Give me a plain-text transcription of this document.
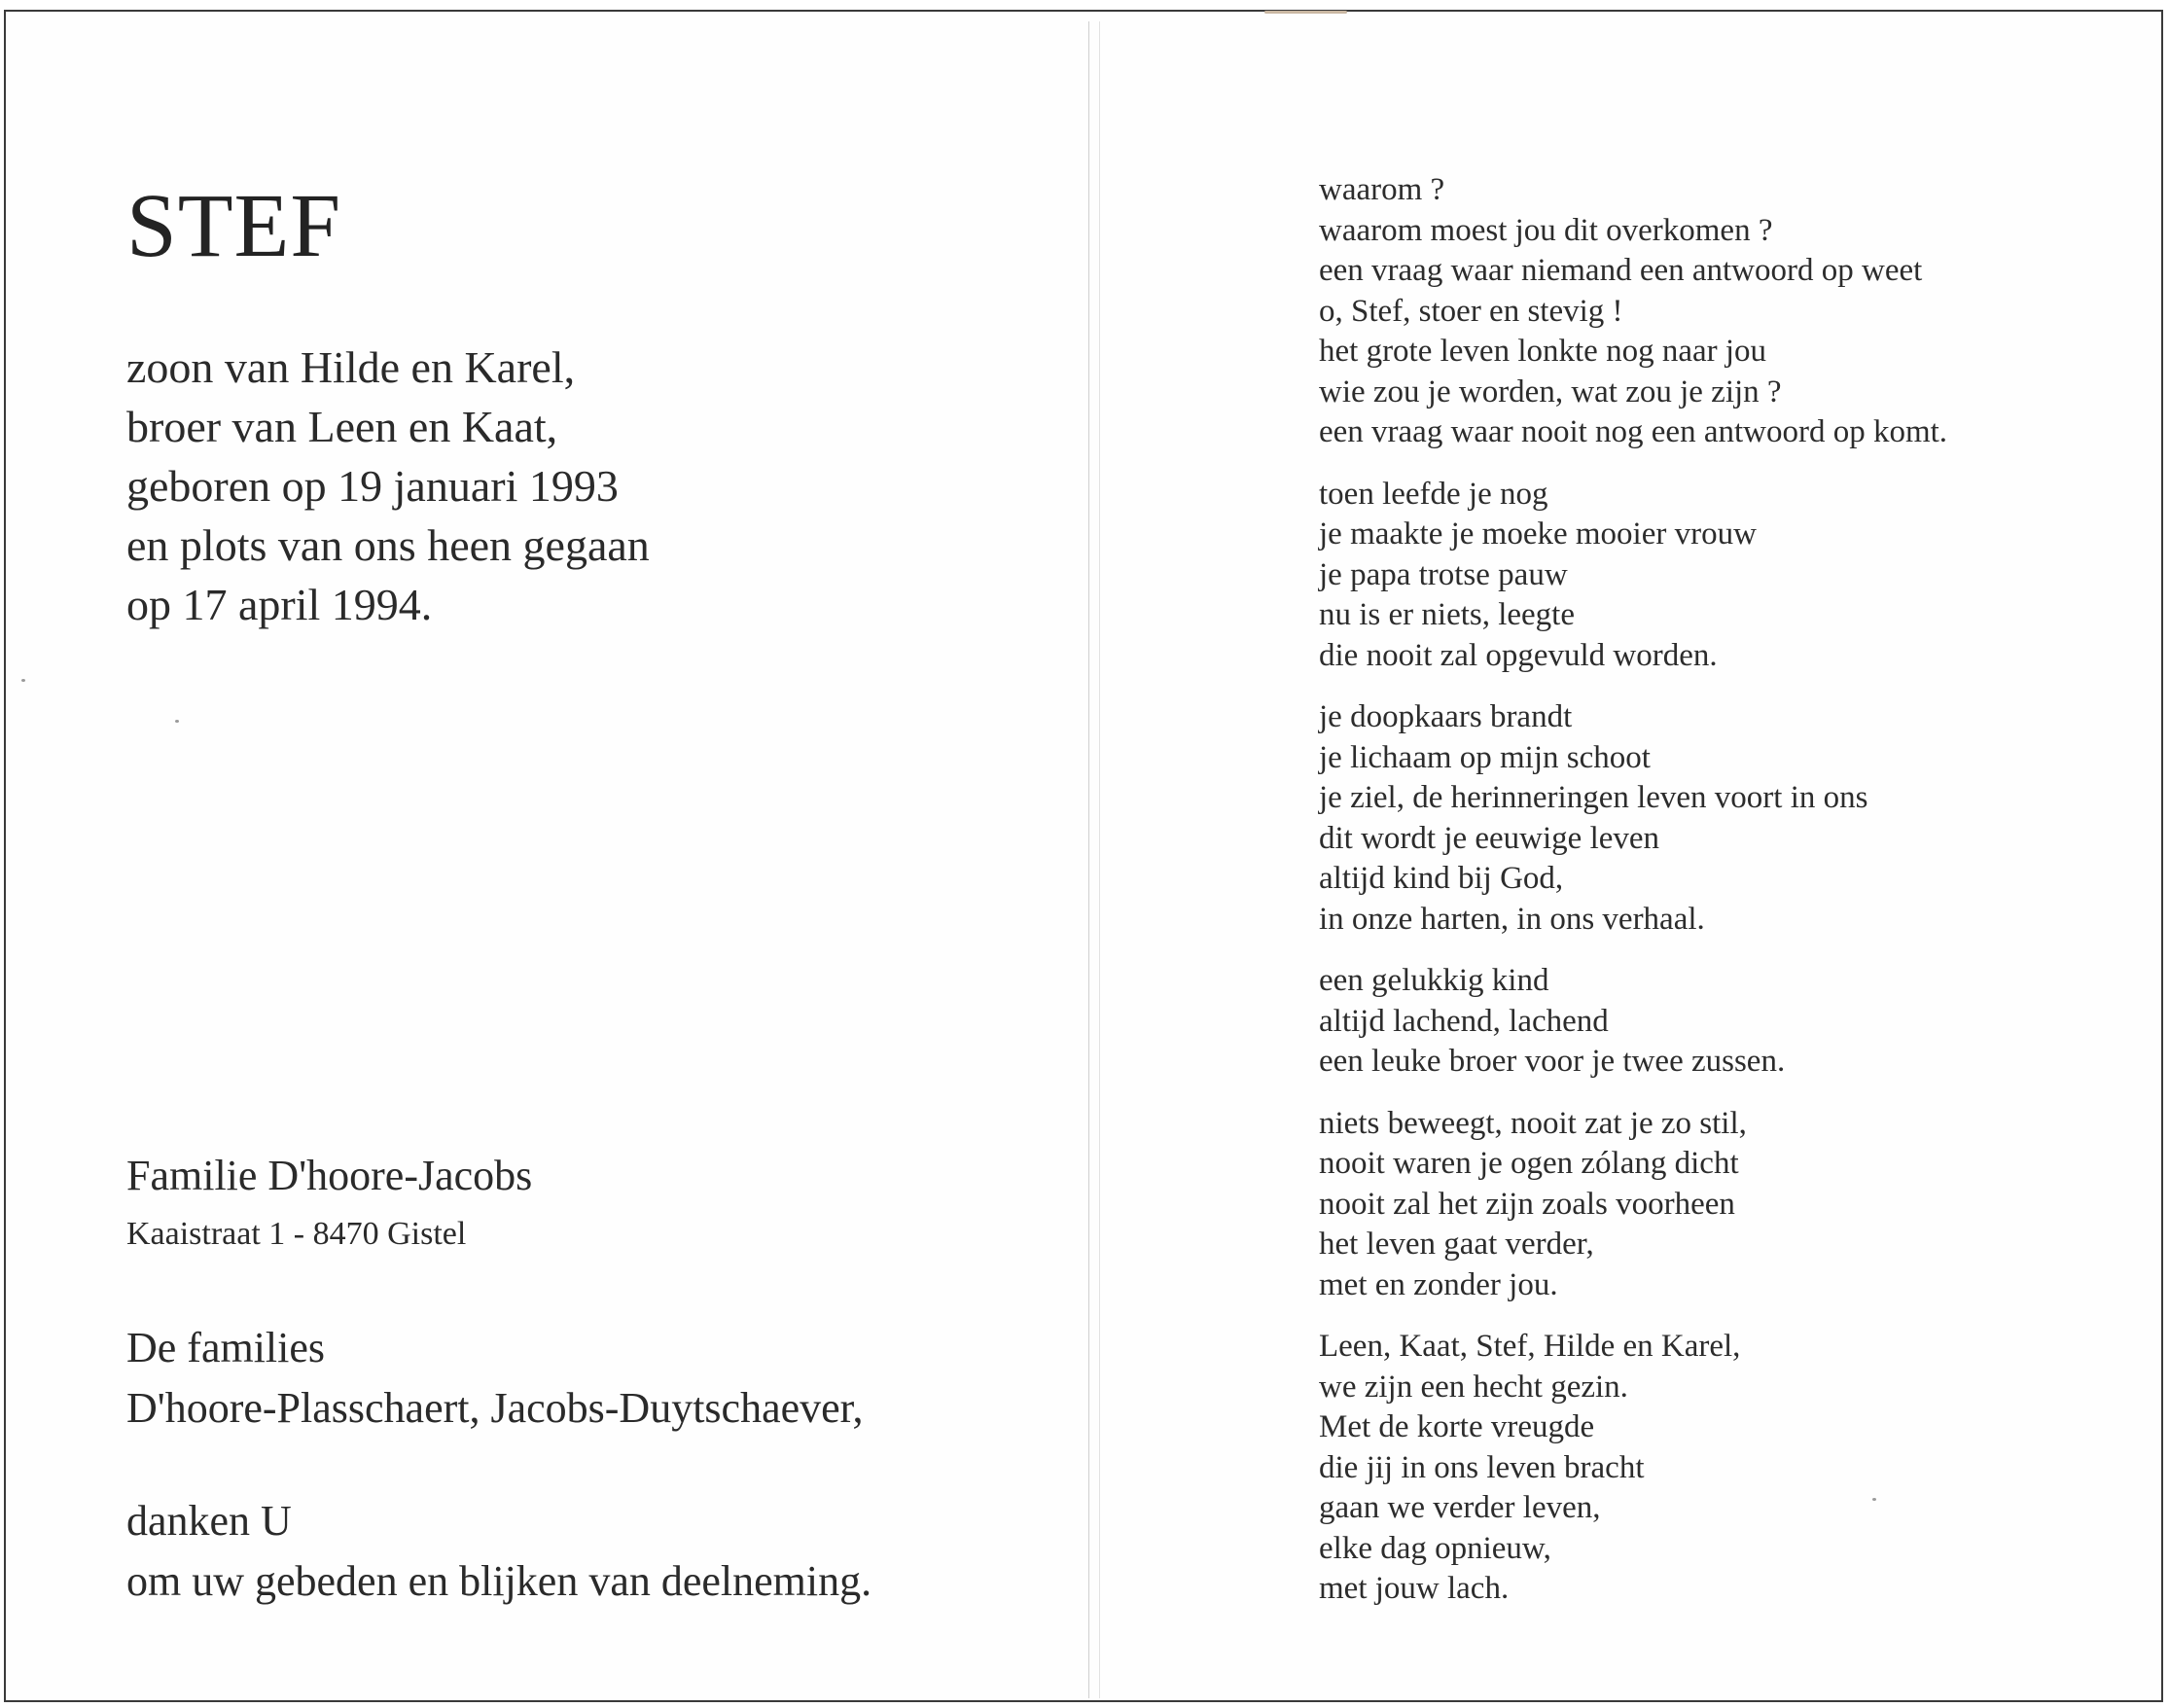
STEF
zoon van Hilde en Karel,
broer van Leen en Kaat,
geboren op 19 januari 1993
en plots van ons heen gegaan
op 17 april 1994.
Familie D'hoore-Jacobs
Kaaistraat 1 - 8470 Gistel
De families
D'hoore-Plasschaert, Jacobs-Duytschaever,
danken U
om uw gebeden en blijken van deelneming.
waarom ?
waarom moest jou dit overkomen ?
een vraag waar niemand een antwoord op weet
o, Stef, stoer en stevig !
het grote leven lonkte nog naar jou
wie zou je worden, wat zou je zijn ?
een vraag waar nooit nog een antwoord op komt.
toen leefde je nog
je maakte je moeke mooier vrouw
je papa trotse pauw
nu is er niets, leegte
die nooit zal opgevuld worden.
je doopkaars brandt
je lichaam op mijn schoot
je ziel, de herinneringen leven voort in ons
dit wordt je eeuwige leven
altijd kind bij God,
in onze harten, in ons verhaal.
een gelukkig kind
altijd lachend, lachend
een leuke broer voor je twee zussen.
niets beweegt, nooit zat je zo stil,
nooit waren je ogen zólang dicht
nooit zal het zijn zoals voorheen
het leven gaat verder,
met en zonder jou.
Leen, Kaat, Stef, Hilde en Karel,
we zijn een hecht gezin.
Met de korte vreugde
die jij in ons leven bracht
gaan we verder leven,
elke dag opnieuw,
met jouw lach.
